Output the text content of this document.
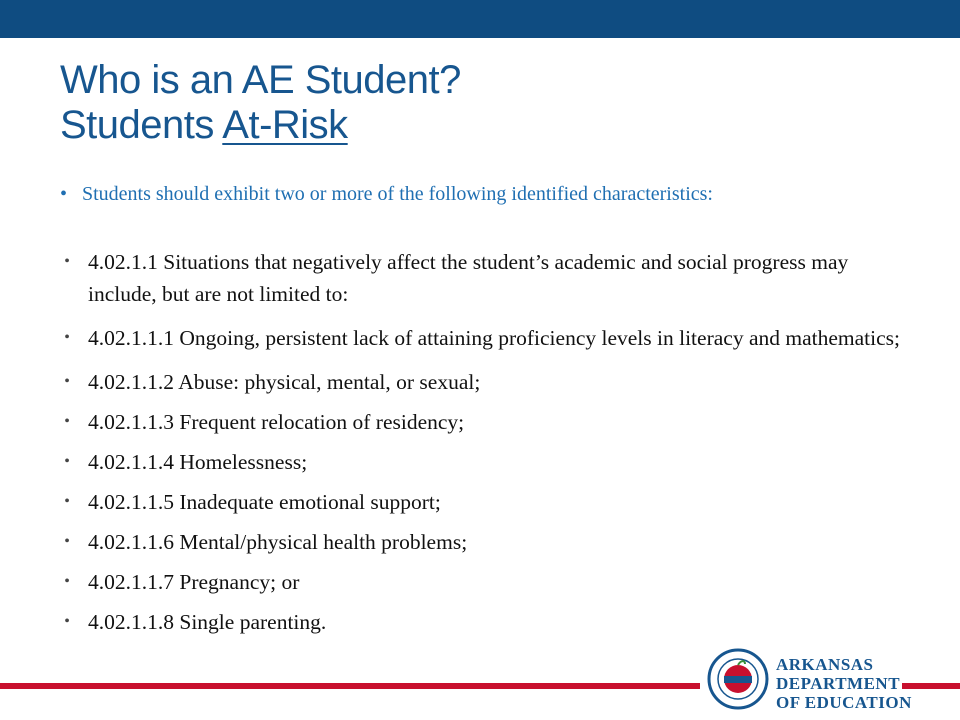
Who is an AE Student?
Students At-Risk
• Students should exhibit two or more of the following identified characteristics:
• 4.02.1.1 Situations that negatively affect the student’s academic and social progress may include, but are not limited to:
• 4.02.1.1.1 Ongoing, persistent lack of attaining proficiency levels in literacy and mathematics;
• 4.02.1.1.2 Abuse: physical, mental, or sexual;
• 4.02.1.1.3 Frequent relocation of residency;
• 4.02.1.1.4 Homelessness;
• 4.02.1.1.5 Inadequate emotional support;
• 4.02.1.1.6 Mental/physical health problems;
• 4.02.1.1.7 Pregnancy; or
• 4.02.1.1.8 Single parenting.
ARKANSAS
DEPARTMENT
OF EDUCATION
